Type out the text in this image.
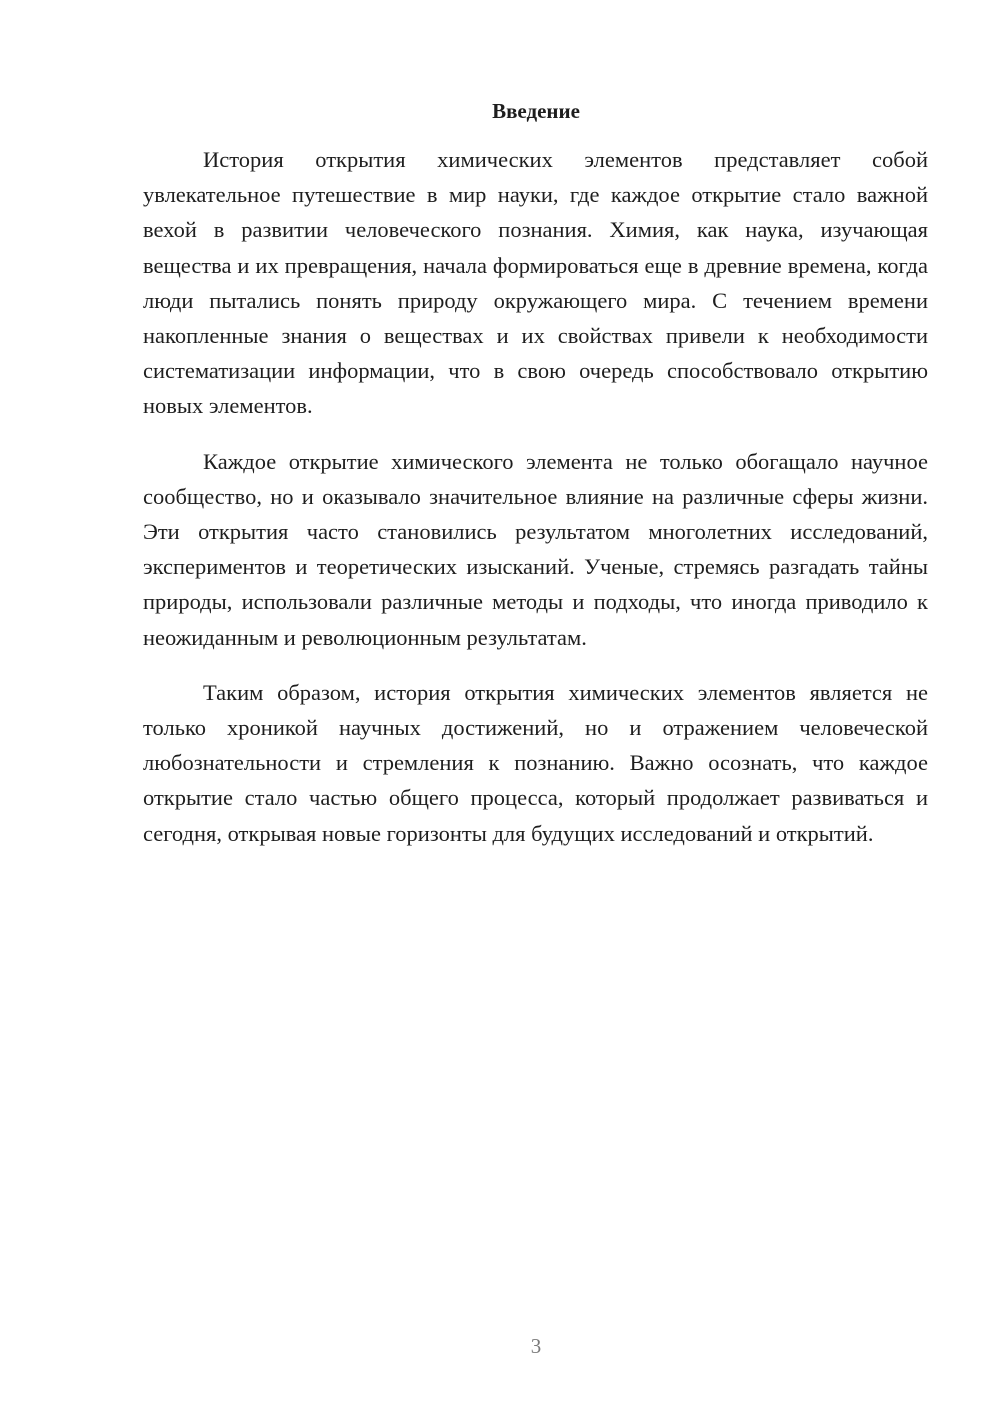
Введение

История открытия химических элементов представляет собой увлекательное путешествие в мир науки, где каждое открытие стало важной вехой в развитии человеческого познания. Химия, как наука, изучающая вещества и их превращения, начала формироваться еще в древние времена, когда люди пытались понять природу окружающего мира. С течением времени накопленные знания о веществах и их свойствах привели к необходимости систематизации информации, что в свою очередь способствовало открытию новых элементов.

Каждое открытие химического элемента не только обогащало научное сообщество, но и оказывало значительное влияние на различные сферы жизни. Эти открытия часто становились результатом многолетних исследований, экспериментов и теоретических изысканий. Ученые, стремясь разгадать тайны природы, использовали различные методы и подходы, что иногда приводило к неожиданным и революционным результатам.

Таким образом, история открытия химических элементов является не только хроникой научных достижений, но и отражением человеческой любознательности и стремления к познанию. Важно осознать, что каждое открытие стало частью общего процесса, который продолжает развиваться и сегодня, открывая новые горизонты для будущих исследований и открытий.

3
